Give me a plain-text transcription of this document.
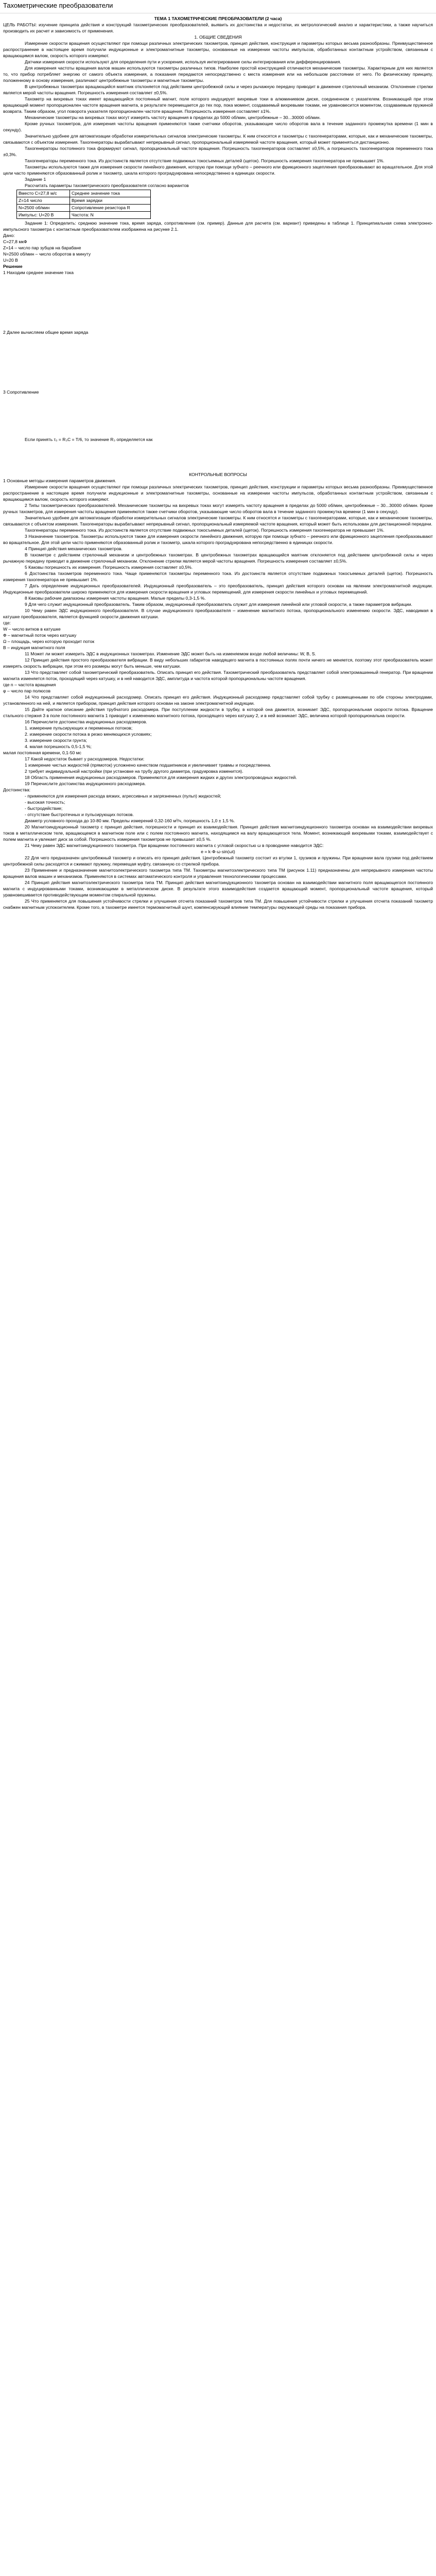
Тахометрические преобразователи

ТЕМА 1 ТАХОМЕТРИЧЕСКИЕ ПРЕОБРАЗОВАТЕЛИ (2 часа)

ЦЕЛЬ РАБОТЫ: изучение принципа действия и конструкций тахометрических преобразователей, выявить их достоинства и недостатки, их метрологический анализ и характеристики, а также научиться производить их расчет и зависимость от применения.

1. ОБЩИЕ СВЕДЕНИЯ

Измерение скорости вращения осуществляют при помощи различных электрических тахометров, принцип действия, конструкция и параметры которых весьма разнообразны. Преимущественное распространение в настоящее время получили индукционные и электромагнитные тахометры, основанные на измерении частоты импульсов, обработанных контактным устройством, связанным с вращающимся валом, скорость которого измеряют.

Датчики измерения скорости используют для определения пути и ускорения, используя интегрирование силы интегрирования или дифференцирования.

Для измерения частоты вращения валов машин используются тахометры различных типов. Наиболее простой конструкцией отличаются механические тахометры. Характерным для них является то, что прибор потребляет энергию от самого объекта измерения, а показания передаются непосредственно с места измерения или на небольшом расстоянии от него. По физическому принципу, положенному в основу измерения, различают центробежные тахометры и магнитные тахометры.

В центробежных тахометрах вращающийся маятник отклоняется под действием центробежной силы и через рычажную передачу приводит в движение стрелочный механизм. Отклонение стрелки является мерой частоты вращения. Погрешность измерения составляет ±0,5%.

Тахометр на вихревых токах имеет вращающийся постоянный магнит, поле которого индуцирует вихревые токи в алюминиевом диске, соединенном с указателем. Возникающий при этом вращающий момент пропорционален частоте вращения магнита, в результате перемещается до тех пор, пока момент, создаваемый вихревыми токами, не уравновесится моментом, создаваемым пружиной возврата. Таким образом, угол поворота указателя пропорционален частоте вращения. Погрешность измерения составляет ±1%.

Механические тахометры на вихревых токах могут измерять частоту вращения в пределах до 5000 об/мин, центробежные – 30...30000 об/мин.

Кроме ручных тахометров, для измерения частоты вращения применяются также счетчики оборотов, указывающие число оборотов вала в течение заданного промежутка времени (1 мин в секунду).

Значительно удобнее для автоматизации обработки измерительных сигналов электрические тахометры. К ним относятся и тахометры с тахогенераторами, которые, как и механические тахометры, связываются с объектом измерения. Тахогенераторы вырабатывают непрерывный сигнал, пропорциональный измеряемой частоте вращения, который может применяться дистанционно.

Тахогенераторы постоянного тока формируют сигнал, пропорциональный частоте вращения. Погрешность тахогенераторов составляет ±0,5%, а погрешность тахогенераторов переменного тока ±0,3%.

Тахогенераторы переменного тока. Из достоинств является отсутствие подвижных токосъемных деталей (щеток). Погрешность измерения тахогенератора не превышает 1%.

Тахометры используются также для измерения скорости линейного движения, которую при помощи зубчато – реечного или фрикционного зацепления преобразовывают во вращательное. Для этой цели часто применяются образованный ролик и тахометр, шкала которого проградуирована непосредственно в единицах скорости.

Задание 1

Рассчитать параметры тахометрического преобразователя согласно вариантов

Вместо С=27,8 м/с	Среднее значение тока
Z=14 число	Время зарядки
N=2500 об/мин	Сопротивление резистора R
Импульс: U=20 В	Частота: N

Задание 1: Определить: среднюю значение тока, время заряда, сопротивление (см. пример). Данные для расчета (см. вариант) приведены в таблице 1. Принципиальная схема электронно-импульсного тахометра с контактным преобразователем изображена на рисунке 2.1.

Дано:

C=27,8 мкФ

Z=14 – число пар зубцов на барабане

N=2500 об/мин – число оборотов в минуту

U=20 В

Решение

1 Находим среднее значение тока

2 Далее вычисляем общее время заряда

3 Сопротивление

Если принять τ₃ = R₃C = T/6, то значение R₃ определяется как

КОНТРОЛЬНЫЕ ВОПРОСЫ

1 Основные методы измерения параметров движения.

Измерение скорости вращения осуществляют при помощи различных электрических тахометров, принцип действия, конструкции и параметры которых весьма разнообразны. Преимущественное распространение в настоящее время получили индукционные и электромагнитные тахометры, основанные на измерении частоты импульсов, обработанных контактным устройством, связанным с вращающимся валом, скорость которого измеряют.

2 Типы тахометрических преобразователей. Механические тахометры на вихревых токах могут измерять частоту вращения в пределах до 5000 об/мин, центробежные – 30...30000 об/мин. Кроме ручных тахометров, для измерения частоты вращения применяются также счетчики оборотов, указывающие число оборотов вала в течение заданного промежутка времени (1 мин в секунду).

Значительно удобнее для автоматизации обработки измерительных сигналов электрические тахометры. К ним относятся и тахометры с тахогенераторами, которые, как и механические тахометры, связываются с объектом измерения. Тахогенераторы вырабатывают непрерывный сигнал, пропорциональный измеряемой частоте вращения, который может быть использован для дистанционной передачи.

Тахогенераторы переменного тока. Из достоинств является отсутствие подвижных токосъемных деталей (щеток). Погрешность измерения тахогенератора не превышает 1%.

3 Назначение тахометров. Тахометры используются также для измерения скорости линейного движения, которую при помощи зубчато – реечного или фрикционного зацепления преобразовывают во вращательное. Для этой цели часто применяются образованный ролик и тахометр, шкала которого проградуирована непосредственно в единицах скорости.

4 Принцип действия механических тахометров.

В тахометре с действием стрелочный механизм и центробежных тахометрах. В центробежных тахометрах вращающийся маятник отклоняется под действием центробежной силы и через рычажную передачу приводит в движение стрелочный механизм. Отклонение стрелки является мерой частоты вращения. Погрешность измерения составляет ±0,5%.

5 Каковы погрешность их измерения. Погрешность измерения составляет ±0,5%.

6 Достоинства тахометров переменного тока. Чаще применяются тахометры переменного тока. Из достоинств является отсутствие подвижных токосъемных деталей (щеток). Погрешность измерения тахогенератора не превышает 1%.

7 Дать определение индукционных преобразователей. Индукционный преобразователь – это преобразователь, принцип действия которого основан на явлении электромагнитной индукции. Индукционные преобразователи широко применяются для измерения скорости вращения и угловых перемещений, для измерения скорости линейных и угловых перемещений.

8 Каковы рабочие диапазоны измерения частоты вращения. Малые пределы 0,3-1,5 %.

9 Для чего служит индукционный преобразователь. Таким образом, индукционный преобразователь служит для измерения линейной или угловой скорости, а также параметров вибрации.

10 Чему равен ЭДС индукционного преобразователя. В случае индукционного преобразователя – изменение магнитного потока, пропорционального изменению скорости. ЭДС, наводимая в катушке преобразователя, является функцией скорости движения катушки.

где:

W – число витков в катушке

Ф – магнитный поток через катушку

Ω – площадь, через которую проходит поток

В – индукция магнитного поля

11 Может ли может измерить ЭДС в индукционных тахометрах. Изменение ЭДС может быть на изменяемом входе любой величины: W, B, S.

12 Принцип действия простого преобразователя вибрации. В виду небольших габаритов наводящего магнита в постоянных полях почти ничего не меняется, поэтому этот преобразователь может измерять скорость вибрации, при этом его размеры могут быть меньше, чем катушки.

13 Что представляет собой тахометрический преобразователь. Описать принцип его действия. Тахометрический преобразователь представляет собой электромашинный генератор. При вращении магнита изменяется поток, проходящий через катушку, и в ней наводится ЭДС, амплитуда и частота которой пропорциональны частоте вращения.

где n – частота вращения

φ – число пар полюсов

14 Что представляет собой индукционный расходомер. Описать принцип его действия. Индукционный расходомер представляет собой трубку с размещенными по обе стороны электродами, установленного на ней, и является прибором, принцип действия которого основан на законе электромагнитной индукции.

15 Дайте краткое описание действия трубчатого расходомера. При поступлении жидкости в трубку, в которой она движется, возникает ЭДС, пропорциональная скорости потока. Вращение стального стержня 3 в поле постоянного магнита 1 приводит к изменению магнитного потока, проходящего через катушку 2, и в ней возникает ЭДС, величина которой пропорциональна скорости.

16 Перечислите достоинства индукционных расходомеров.

1. измерение пульсирующих и переменных потоков;

2. измерение скорости потока в резко меняющихся условиях;

3. измерение скорости грунта;

4. малая погрешность 0,5-1,5 %;

малая постоянная времени, 0,1-50 мс

17 Какой недостаток бывает у расходомеров. Недостатки:

1 измерение чистых жидкостей (прямоток) усложнено качеством подшипников и увеличивает травмы и посредственна.

2 требует индивидуальной настройки (при установке на трубу другого диаметра, градуировка изменится).

18 Область применения индукционных расходомеров. Применяются для измерения жидких и других электропроводных жидкостей.

19 Перечислите достоинства индукционного расходомера.

Достоинства:

- применяются для измерения расхода вязких, агрессивных и загрязненных (пульп) жидкостей;

- высокая точность;

- быстродействие;

- отсутствие быстротечных и пульсирующих потоков.

Диаметр условного прохода до 10-80 мм. Пределы измерений 0,32-160 м³/ч, погрешность 1,0 ± 1,5 %.

20 Магнитоиндукционный тахометр с принцип действия, погрешности и принцип их взаимодействия. Принцип действия магнитоиндукционного тахометра основан на взаимодействии вихревых токов в металлическом теле, вращающемся в магнитном поле или с полем постоянного магнита, находящимся на валу вращающегося тела. Момент, возникающий вихревыми токами, взаимодействует с полем магнита и увлекает диск за собой. Погрешность измерения тахометров не превышает ±0,5 %.

21 Чему равен ЭДС магнитоиндукционного тахометра. При вращении постоянного магнита с угловой скоростью ω в проводнике наводится ЭДС:

e = k·Ф·ω·sin(ωt)

22 Для чего предназначен центробежный тахометр и описать его принцип действия. Центробежный тахометр состоит из втулки 1, грузиков и пружины. При вращении вала грузики под действием центробежной силы расходятся и сжимают пружину, перемещая муфту, связанную со стрелкой прибора.

23 Применение и предназначение магнитоэлектрического тахометра типа ТМ. Тахометры магнитоэлектрического типа ТМ (рисунок 1.11) предназначены для непрерывного измерения частоты вращения валов машин и механизмов. Применяются в системах автоматического контроля и управления технологическими процессами.

24 Принцип действия магнитоэлектрического тахометра типа ТМ. Принцип действия магнитоиндукционного тахометра основан на взаимодействии магнитного поля вращающегося постоянного магнита с индуцированными токами, возникающими в металлическом диске. В результате этого взаимодействия создается вращающий момент, пропорциональный частоте вращения, который уравновешивается противодействующим моментом спиральной пружины.

25 Что применяется для повышения устойчивости стрелки и улучшения отсчета показаний тахометров типа ТМ. Для повышения устойчивости стрелки и улучшения отсчета показаний тахометр снабжен магнитным успокоителем. Кроме того, в тахометре имеется термомагнитный шунт, компенсирующий влияние температуры окружающей среды на показания прибора.
